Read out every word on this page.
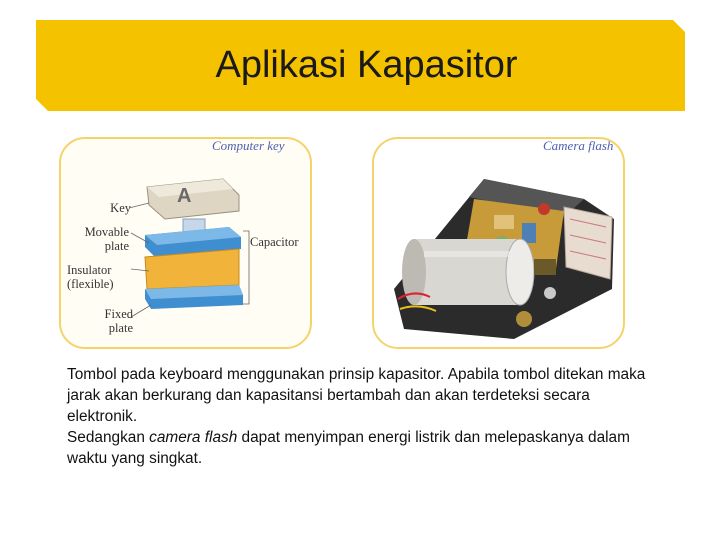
Aplikasi Kapasitor
A
Key
Movable plate	Capacitor
Insulator (flexible)
Fixed plate
Computer key	Camera flash

Tombol pada keyboard menggunakan prinsip kapasitor. Apabila tombol ditekan maka jarak akan berkurang dan kapasitansi bertambah dan akan terdeteksi secara elektronik.

Sedangkan camera flash dapat menyimpan energi listrik dan melepaskanya dalam waktu yang singkat.
